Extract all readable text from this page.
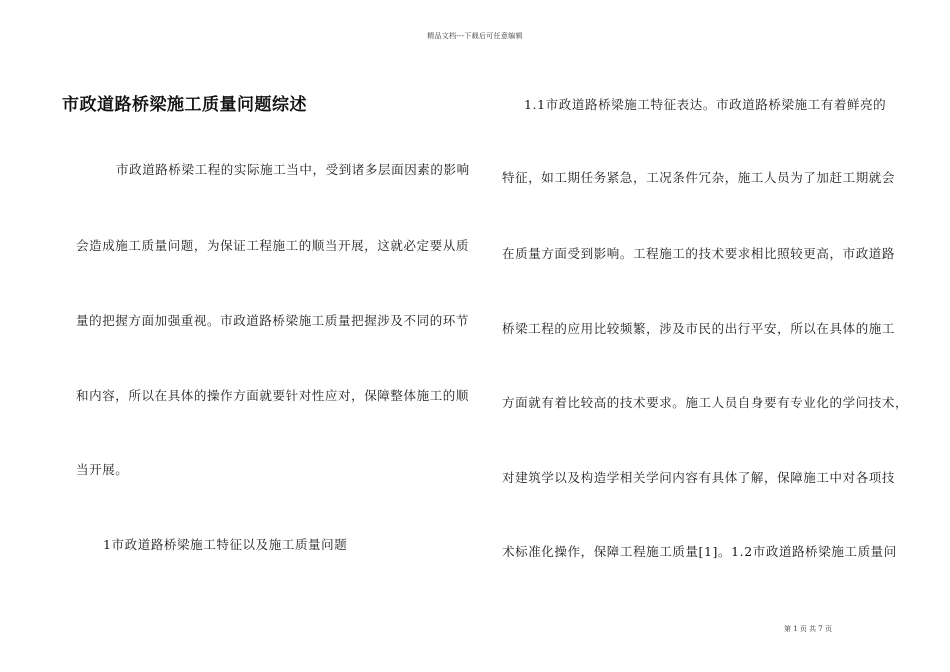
精品文档---下载后可任意编辑
市政道路桥梁施工质量问题综述
市政道路桥梁工程的实际施工当中，受到诸多层面因素的影响
会造成施工质量问题，为保证工程施工的顺当开展，这就必定要从质
量的把握方面加强重视。市政道路桥梁施工质量把握涉及不同的环节
和内容，所以在具体的操作方面就要针对性应对，保障整体施工的顺
当开展。
1市政道路桥梁施工特征以及施工质量问题
1.1市政道路桥梁施工特征表达。市政道路桥梁施工有着鲜亮的
特征，如工期任务紧急，工况条件冗杂，施工人员为了加赶工期就会
在质量方面受到影响。工程施工的技术要求相比照较更高，市政道路
桥梁工程的应用比较频繁，涉及市民的出行平安，所以在具体的施工
方面就有着比较高的技术要求。施工人员自身要有专业化的学问技术，
对建筑学以及构造学相关学问内容有具体了解，保障施工中对各项技
术标准化操作，保障工程施工质量[1]。1.2市政道路桥梁施工质量问
第 1 页 共 7 页
